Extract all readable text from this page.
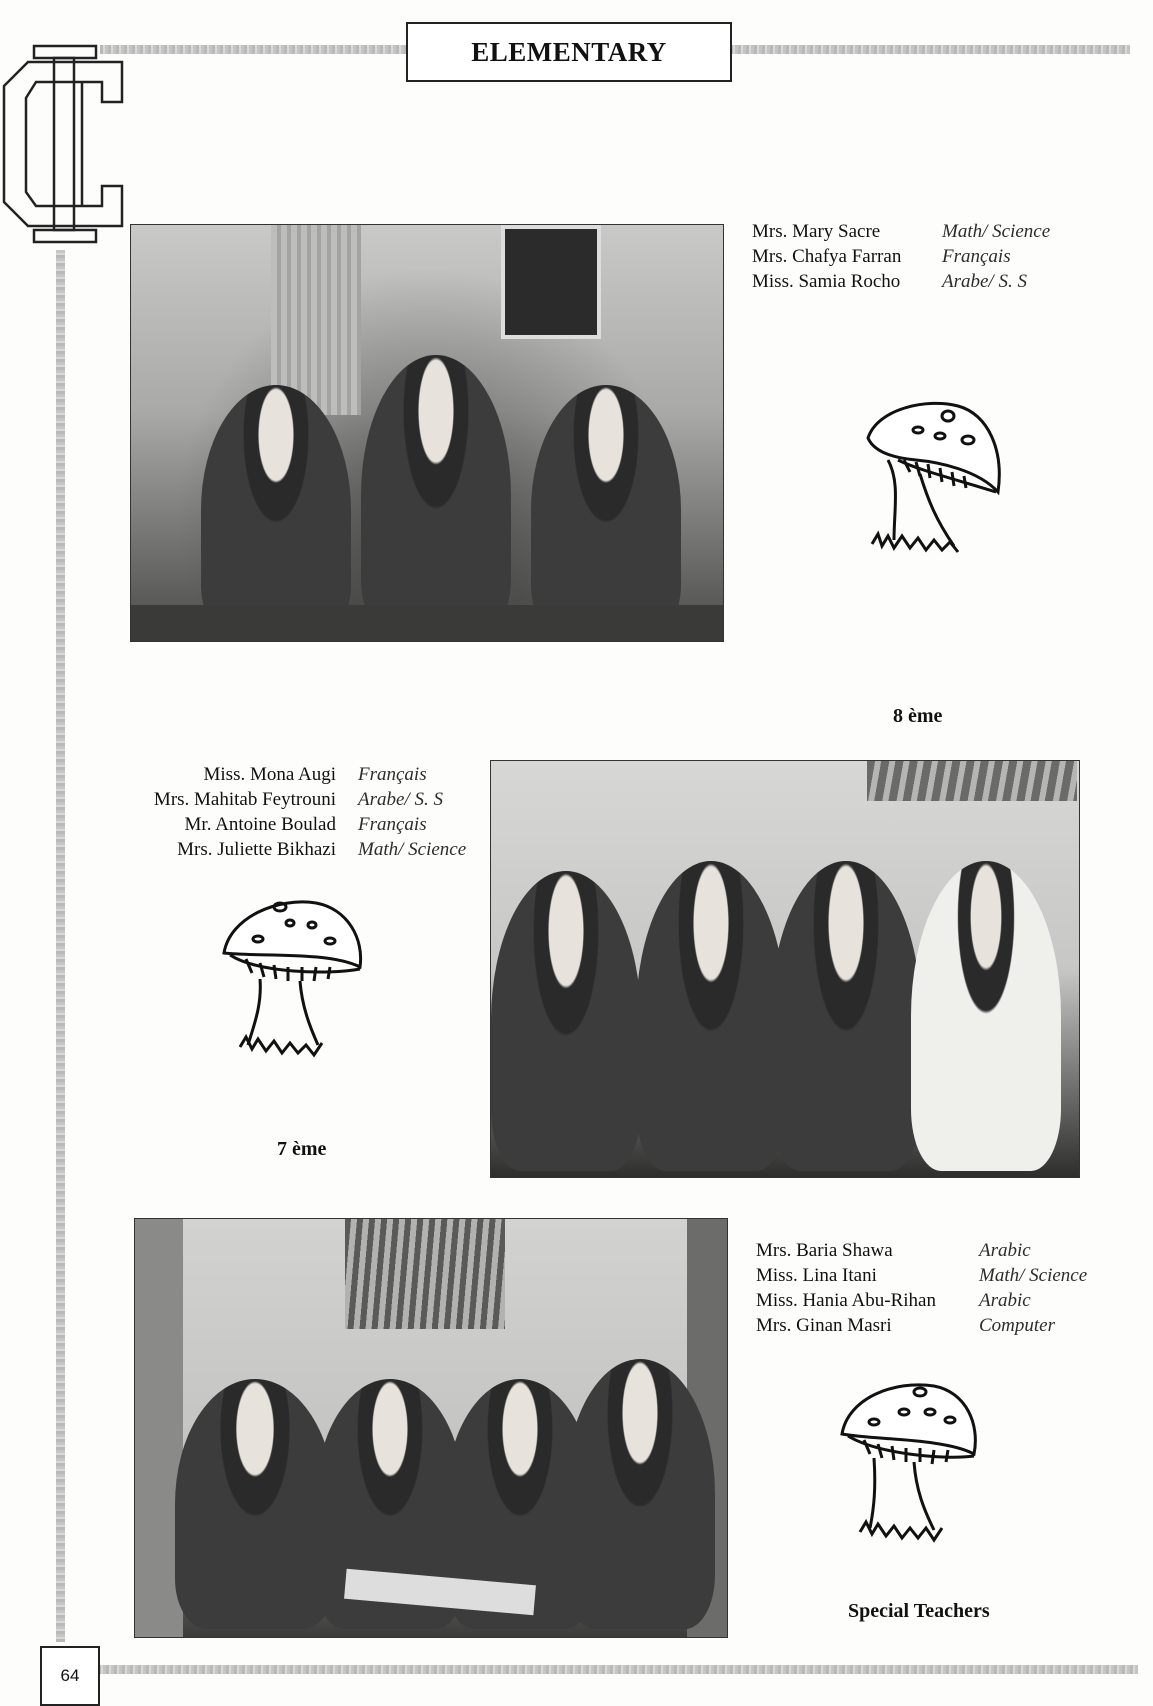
ELEMENTARY
Mrs. Mary Sacre	Math/ Science
Mrs. Chafya Farran Français
Miss. Samia Rocho Arabe/ S. S
8 ème
Miss. Mona Augi Français
Mrs. Mahitab Feytrouni Arabe/ S. S
Mr. Antoine Boulad Français
Mrs. Juliette Bikhazi Math/ Science
7 ème
Mrs. Baria Shawa	Arabic
Miss. Lina Itani	Math/ Science
Miss. Hania Abu-Rihan Arabic
Mrs. Ginan Masri	Computer
Special Teachers
64
